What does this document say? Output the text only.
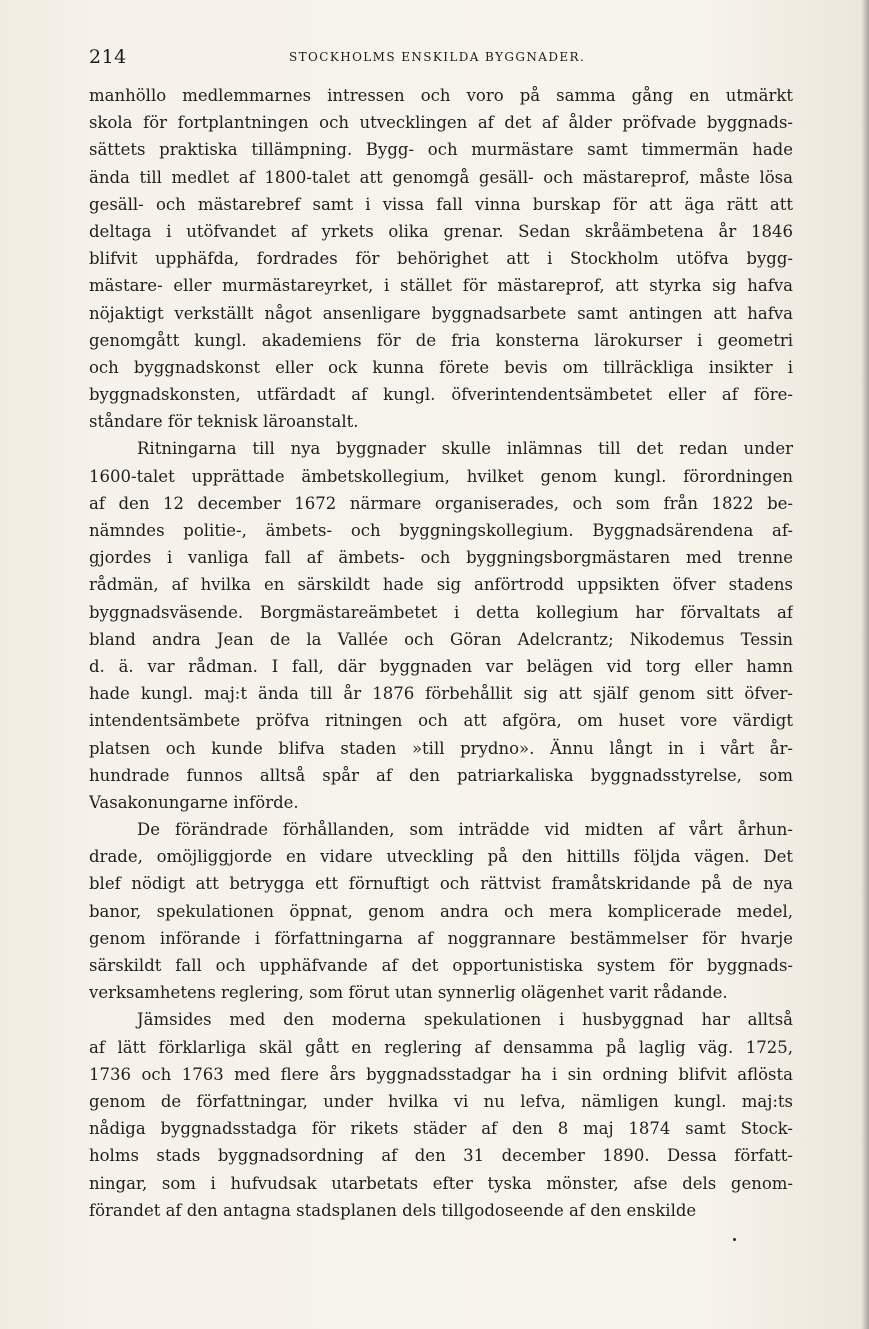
214	STOCKHOLMS ENSKILDA BYGGNADER.
manhöllo medlemmarnes intressen och voro på samma gång en utmärkt
skola för fortplantningen och utvecklingen af det af ålder pröfvade byggnads-
sättets praktiska tillämpning. Bygg- och murmästare samt timmermän hade
ända till medlet af 1800-talet att genomgå gesäll- och mästareprof, måste lösa
gesäll- och mästarebref samt i vissa fall vinna burskap för att äga rätt att
deltaga i utöfvandet af yrkets olika grenar. Sedan skråämbetena år 1846
blifvit upphäfda, fordrades för behörighet att i Stockholm utöfva bygg-
mästare- eller murmästareyrket, i stället för mästareprof, att styrka sig hafva
nöjaktigt verkställt något ansenligare byggnadsarbete samt antingen att hafva
genomgått kungl. akademiens för de fria konsterna lärokurser i geometri
och byggnadskonst eller ock kunna förete bevis om tillräckliga insikter i
byggnadskonsten, utfärdadt af kungl. öfverintendentsämbetet eller af före-
ståndare för teknisk läroanstalt.
Ritningarna till nya byggnader skulle inlämnas till det redan under
1600-talet upprättade ämbetskollegium, hvilket genom kungl. förordningen
af den 12 december 1672 närmare organiserades, och som från 1822 be-
nämndes politie-, ämbets- och byggningskollegium. Byggnadsärendena af-
gjordes i vanliga fall af ämbets- och byggningsborgmästaren med trenne
rådmän, af hvilka en särskildt hade sig anförtrodd uppsikten öfver stadens
byggnadsväsende. Borgmästareämbetet i detta kollegium har förvaltats af
bland andra Jean de la Vallée och Göran Adelcrantz; Nikodemus Tessin
d. ä. var rådman. I fall, där byggnaden var belägen vid torg eller hamn
hade kungl. maj:t ända till år 1876 förbehållit sig att själf genom sitt öfver-
intendentsämbete pröfva ritningen och att afgöra, om huset vore värdigt
platsen och kunde blifva staden »till prydno». Ännu långt in i vårt år-
hundrade funnos alltså spår af den patriarkaliska byggnadsstyrelse, som
Vasakonungarne införde.
De förändrade förhållanden, som inträdde vid midten af vårt århun-
drade, omöjliggjorde en vidare utveckling på den hittills följda vägen. Det
blef nödigt att betrygga ett förnuftigt och rättvist framåtskridande på de nya
banor, spekulationen öppnat, genom andra och mera komplicerade medel,
genom införande i författningarna af noggrannare bestämmelser för hvarje
särskildt fall och upphäfvande af det opportunistiska system för byggnads-
verksamhetens reglering, som förut utan synnerlig olägenhet varit rådande.
Jämsides med den moderna spekulationen i husbyggnad har alltså
af lätt förklarliga skäl gått en reglering af densamma på laglig väg. 1725,
1736 och 1763 med flere års byggnadsstadgar ha i sin ordning blifvit aflösta
genom de författningar, under hvilka vi nu lefva, nämligen kungl. maj:ts
nådiga byggnadsstadga för rikets städer af den 8 maj 1874 samt Stock-
holms stads byggnadsordning af den 31 december 1890. Dessa författ-
ningar, som i hufvudsak utarbetats efter tyska mönster, afse dels genom-
förandet af den antagna stadsplanen dels tillgodoseende af den enskilde
